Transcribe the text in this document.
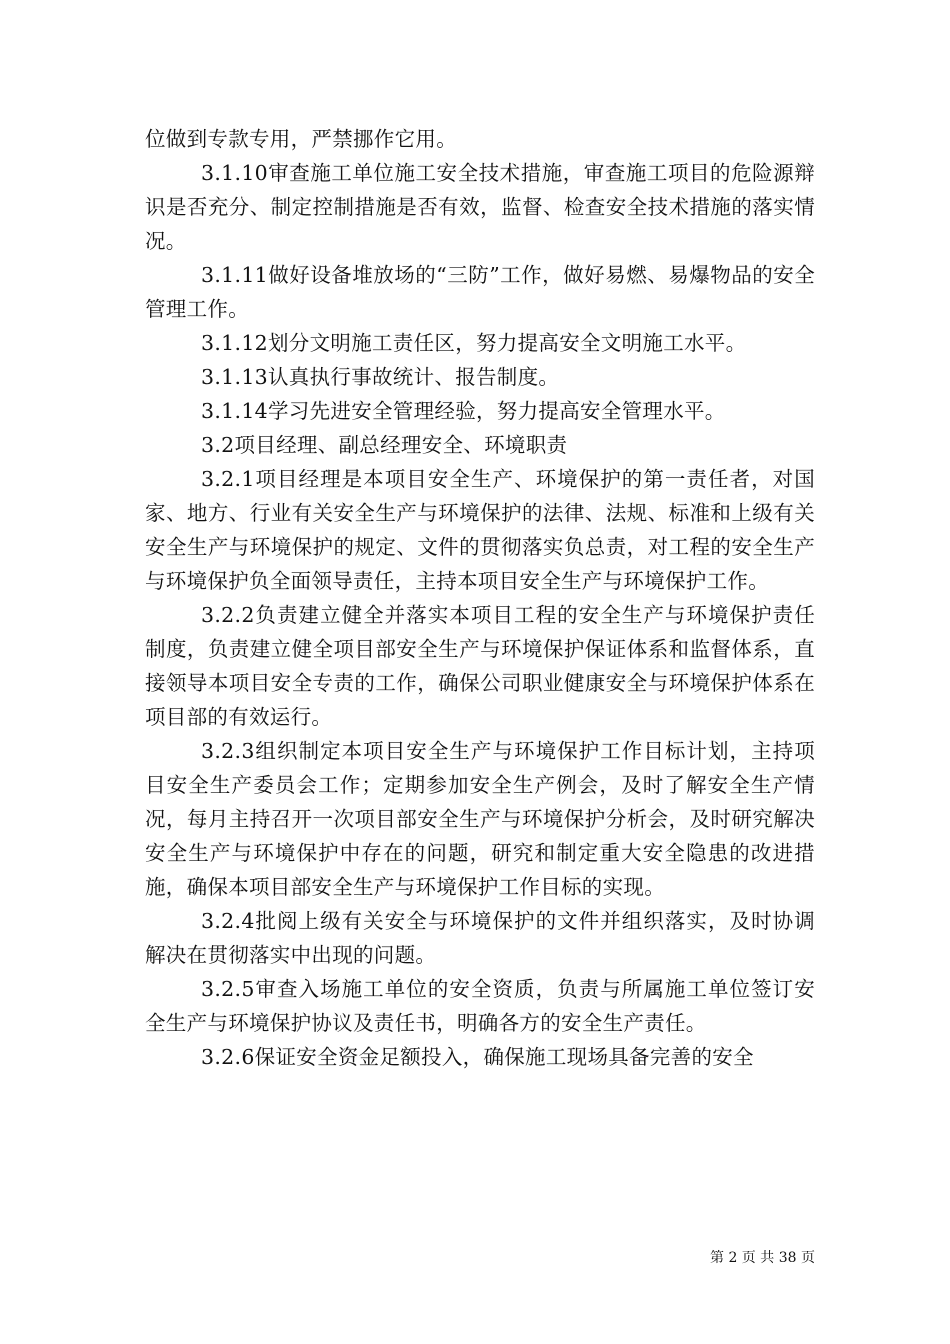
位做到专款专用，严禁挪作它用。

3.1.10审查施工单位施工安全技术措施，审查施工项目的危险源辩识是否充分、制定控制措施是否有效，监督、检查安全技术措施的落实情况。

3.1.11做好设备堆放场的“三防”工作，做好易燃、易爆物品的安全管理工作。

3.1.12划分文明施工责任区，努力提高安全文明施工水平。

3.1.13认真执行事故统计、报告制度。

3.1.14学习先进安全管理经验，努力提高安全管理水平。

3.2项目经理、副总经理安全、环境职责

3.2.1项目经理是本项目安全生产、环境保护的第一责任者，对国家、地方、行业有关安全生产与环境保护的法律、法规、标准和上级有关安全生产与环境保护的规定、文件的贯彻落实负总责，对工程的安全生产与环境保护负全面领导责任，主持本项目安全生产与环境保护工作。

3.2.2负责建立健全并落实本项目工程的安全生产与环境保护责任制度，负责建立健全项目部安全生产与环境保护保证体系和监督体系，直接领导本项目安全专责的工作，确保公司职业健康安全与环境保护体系在项目部的有效运行。

3.2.3组织制定本项目安全生产与环境保护工作目标计划，主持项目安全生产委员会工作；定期参加安全生产例会，及时了解安全生产情况，每月主持召开一次项目部安全生产与环境保护分析会，及时研究解决安全生产与环境保护中存在的问题，研究和制定重大安全隐患的改进措施，确保本项目部安全生产与环境保护工作目标的实现。

3.2.4批阅上级有关安全与环境保护的文件并组织落实，及时协调解决在贯彻落实中出现的问题。

3.2.5审查入场施工单位的安全资质，负责与所属施工单位签订安全生产与环境保护协议及责任书，明确各方的安全生产责任。

3.2.6保证安全资金足额投入，确保施工现场具备完善的安全

第 2 页 共 38 页
